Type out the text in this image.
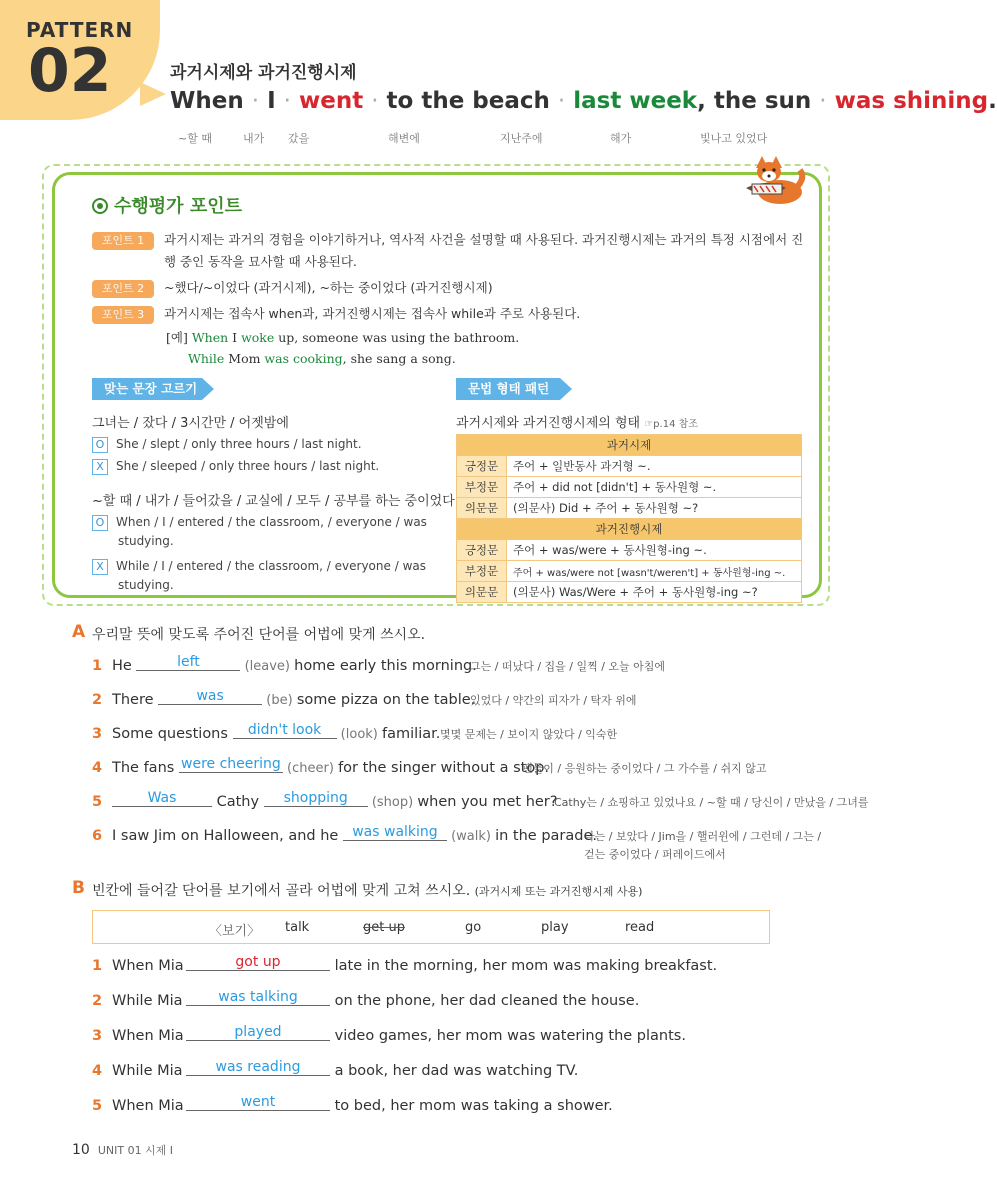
PATTERN
02	과거시제와 과거진행시제
When · I · went · to the beach · last week, the sun · was shining.
~할 때	내가 갔을	해변에	지난주에	해가	빛나고 있었다
수행평가 포인트
포인트 1	과거시제는 과거의 경험을 이야기하거나, 역사적 사건을 설명할 때 사용된다. 과거진행시제는 과거의 특정 시점에서 진행 중인 동작을 묘사할 때 사용된다.
포인트 2	~했다/~이었다 (과거시제), ~하는 중이었다 (과거진행시제)
포인트 3	과거시제는 접속사 when과, 과거진행시제는 접속사 while과 주로 사용된다.
[예] When I woke up, someone was using the bathroom.
While Mom was cooking, she sang a song.
맞는 문장 고르기
그녀는 / 잤다 / 3시간만 / 어젯밤에
O She / slept / only three hours / last night.
X She / sleeped / only three hours / last night.
~할 때 / 내가 / 들어갔을 / 교실에 / 모두 / 공부를 하는 중이었다
O When / I / entered / the classroom, / everyone / was
studying.
X While / I / entered / the classroom, / everyone / was
studying.
문법 형태 패턴
과거시제와 과거진행시제의 형태 ☞p.14 참조
과거시제	
긍정문	주어 + 일반동사 과거형 ~.
부정문	주어 + did not [didn't] + 동사원형 ~.
의문문	(의문사) Did + 주어 + 동사원형 ~?
과거진행시제	
긍정문	주어 + was/were + 동사원형-ing ~.
부정문	주어 + was/were not [wasn't/weren't] + 동사원형-ing ~.
의문문	(의문사) Was/Were + 주어 + 동사원형-ing ~?
A 우리말 뜻에 맞도록 주어진 단어를 어법에 맞게 쓰시오.
1 He	left	(leave) home early this morning.
그는 / 떠났다 / 집을 / 일찍 / 오늘 아침에
2 There	was	(be) some pizza on the table.
있었다 / 약간의 피자가 / 탁자 위에
3 Some questions didn't look (look) familiar. 몇몇 문제는 / 보이지 않았다 / 익숙한
4 The fans were cheering (cheer) for the singer without a stop.
팬들이 / 응원하는 중이었다 / 그 가수를 / 쉬지 않고
5	Was Cathy shopping (shop) when you met her?
Cathy는 / 쇼핑하고 있었나요 / ~할 때 / 당신이 / 만났을 / 그녀를
6 I saw Jim on Halloween, and he was walking (walk) in the parade.
나는 / 보았다 / Jim을 / 핼러윈에 / 그런데 / 그는 /
걷는 중이었다 / 퍼레이드에서
B 빈칸에 들어갈 단어를 보기에서 골라 어법에 맞게 고쳐 쓰시오. (과거시제 또는 과거진행시제 사용)
〈보기〉 talk	get up	go	play	read
1 When Mia	got up	late in the morning, her mom was making breakfast.
2 While Mia	was talking	on the phone, her dad cleaned the house.
3 When Mia	played	video games, her mom was watering the plants.
4 While Mia was reading a book, her dad was watching TV.
5 When Mia	went	to bed, her mom was taking a shower.
10 UNIT 01 시제 I
